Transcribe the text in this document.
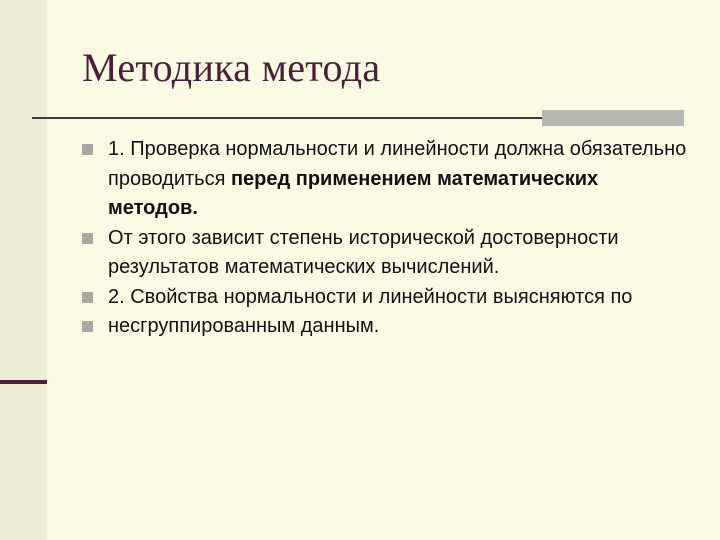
Методика метода
1. Проверка нормальности и линейности должна обязательно проводиться перед применением математических методов.
От этого зависит степень исторической достоверности результатов математических вычислений.
2. Свойства нормальности и линейности выясняются по
несгруппированным данным.
